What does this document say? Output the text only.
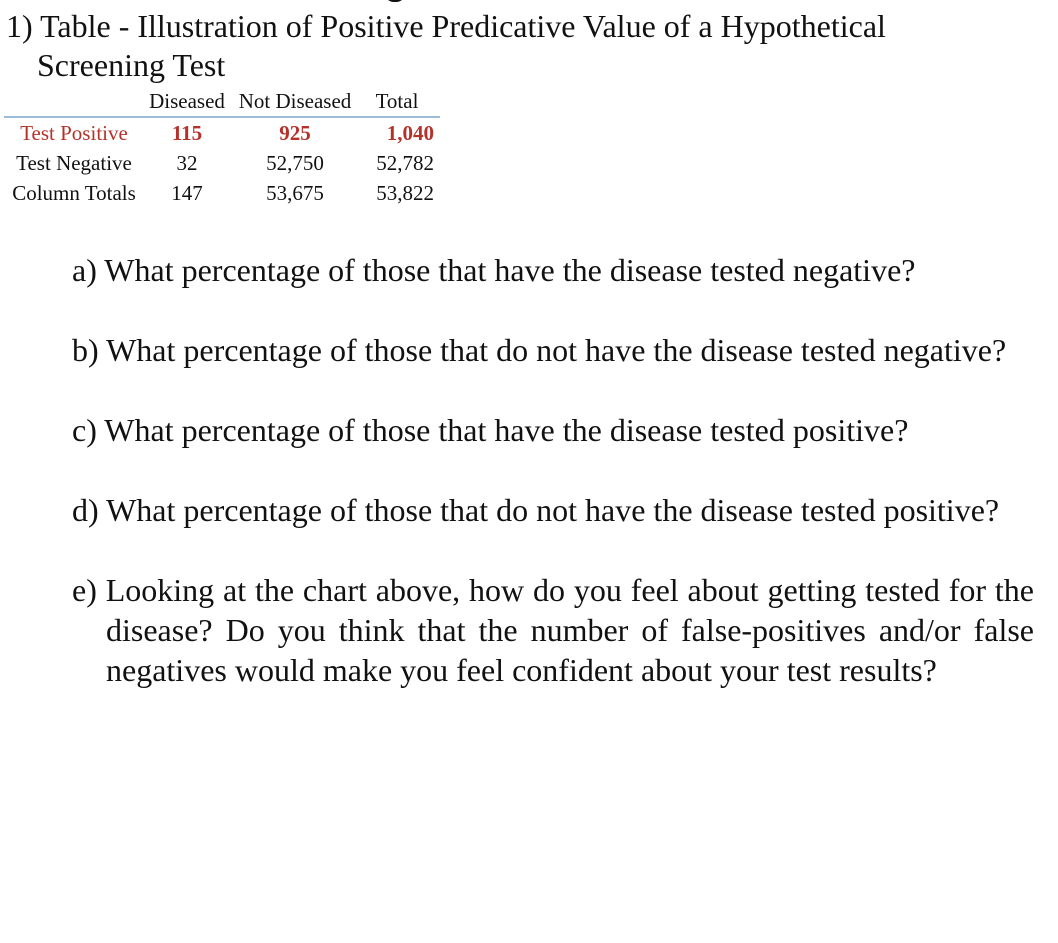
1) Table - Illustration of Positive Predicative Value of a Hypothetical
Screening Test
	Diseased	Not Diseased	Total
Test Positive	115	925	1,040
Test Negative	32	52,750	52,782
Column Totals	147	53,675	53,822

a) What percentage of those that have the disease tested negative?

b) What percentage of those that do not have the disease tested negative?

c) What percentage of those that have the disease tested positive?

d) What percentage of those that do not have the disease tested positive?

e) Looking at the chart above, how do you feel about getting tested for the disease? Do you think that the number of false-positives and/or false negatives would make you feel confident about your test results?
